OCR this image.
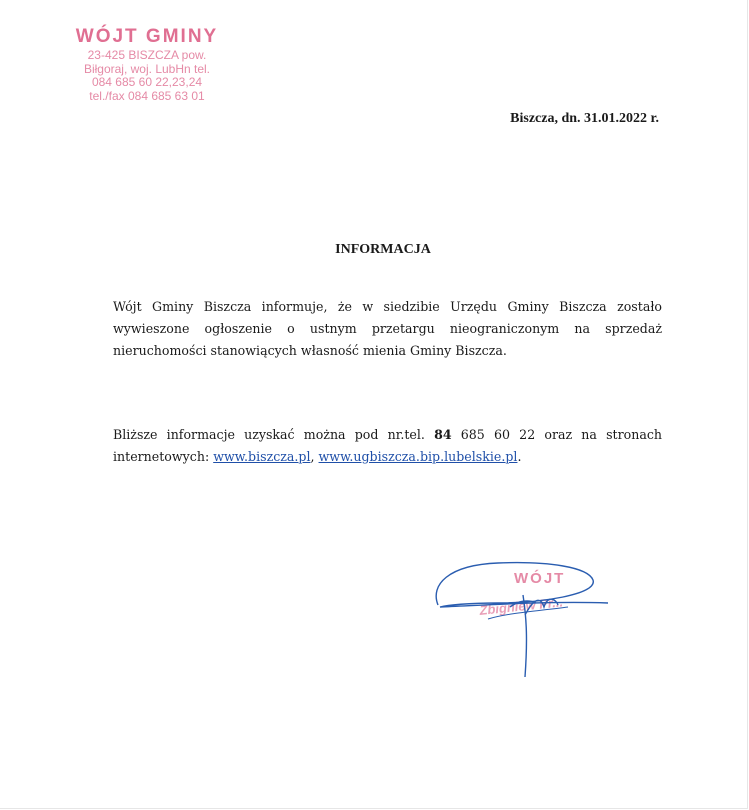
WÓJT GMINY
23-425 BISZCZA pow.
Biłgoraj, woj. LubHn tel.
084 685 60 22,23,24
tel./fax 084 685 63 01
Biszcza, dn. 31.01.2022 r.
INFORMACJA
Wójt Gminy Biszcza informuje, że w siedzibie Urzędu Gminy Biszcza zostało wywieszone ogłoszenie o ustnym przetargu nieograniczonym na sprzedaż nieruchomości stanowiących własność mienia Gminy Biszcza.
Bliższe informacje uzyskać można pod nr.tel. 84 685 60 22 oraz na stronach internetowych: www.biszcza.pl, www.ugbiszcza.bip.lubelskie.pl.
WÓJT
Zbigniew Pr...
